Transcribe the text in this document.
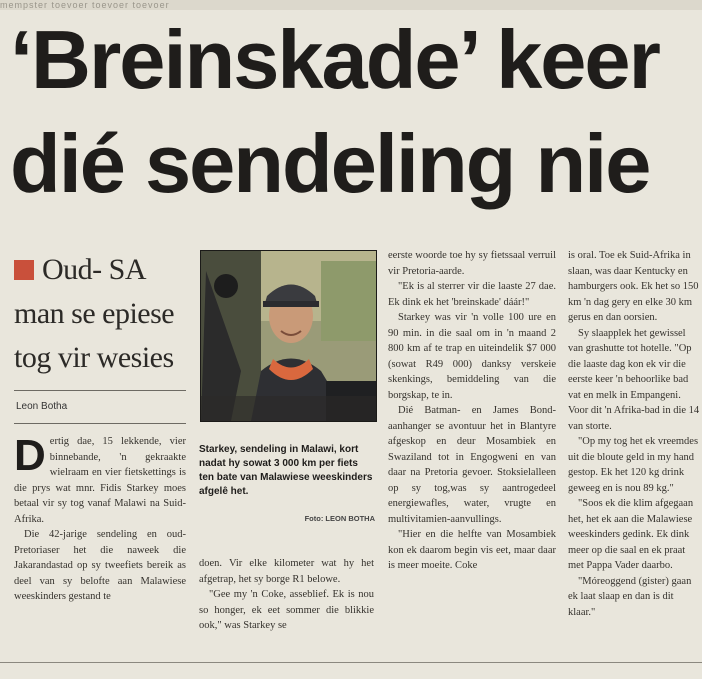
mempster toevoer toevoer toevoer
‘Breinskade’ keer
dié sendeling nie
Oud- SA
man se epiese
tog vir wesies
Leon Botha

Dertig dae, 15 lekkende, vier binnebande, 'n gekraakte wielraam en vier fietskettings is die prys wat mnr. Fidis Starkey moes betaal vir sy tog vanaf Malawi na Suid-Afrika.

Die 42-jarige sendeling en oud-Pretoriaser het die naweek die Jakarandastad op sy tweefiets bereik as deel van sy belofte aan Malawiese weeskinders gestand te

Starkey, sendeling in Malawi, kort nadat hy sowat 3 000 km per fiets ten bate van Malawiese weeskinders afgelê het.
Foto: LEON BOTHA

doen. Vir elke kilometer wat hy het afgetrap, het sy borge R1 belowe.

"Gee my 'n Coke, asseblief. Ek is nou so honger, ek eet sommer die blikkie ook," was Starkey se

eerste woorde toe hy sy fietssaal verruil vir Pretoria-aarde.

"Ek is al sterrer vir die laaste 27 dae. Ek dink ek het 'breinskade' dáár!"

Starkey was vir 'n volle 100 ure en 90 min. in die saal om in 'n maand 2 800 km af te trap en uiteindelik $7 000 (sowat R49 000) danksy verskeie skenkings, bemiddeling van die borgskap, te in.

Dié Batman- en James Bond-aanhanger se avontuur het in Blantyre afgeskop en deur Mosambiek en Swaziland tot in Engogweni en van daar na Pretoria gevoer. Stoksielalleen op sy tog,was sy aantrogedeel energiewafles, water, vrugte en multivitamien-aanvullings.

"Hier en die helfte van Mosambiek kon ek daarom begin vis eet, maar daar is meer moeite. Coke

is oral. Toe ek Suid-Afrika in slaan, was daar Kentucky en hamburgers ook. Ek het so 150 km 'n dag gery en elke 30 km gerus en dan oorsien.

Sy slaapplek het gewissel van grashutte tot hotelle. "Op die laaste dag kon ek vir die eerste keer 'n behoorlike bad vat en melk in Empangeni. Voor dit 'n Afrika-bad in die 14 van storte.

"Op my tog het ek vreemdes uit die bloute geld in my hand gestop. Ek het 120 kg drink geweeg en is nou 89 kg."

"Soos ek die klim afgegaan het, het ek aan die Malawiese weeskinders gedink. Ek dink meer op die saal en ek praat met Pappa Vader daarbo.

"Móreoggend (gister) gaan ek laat slaap en dan is dit klaar."
